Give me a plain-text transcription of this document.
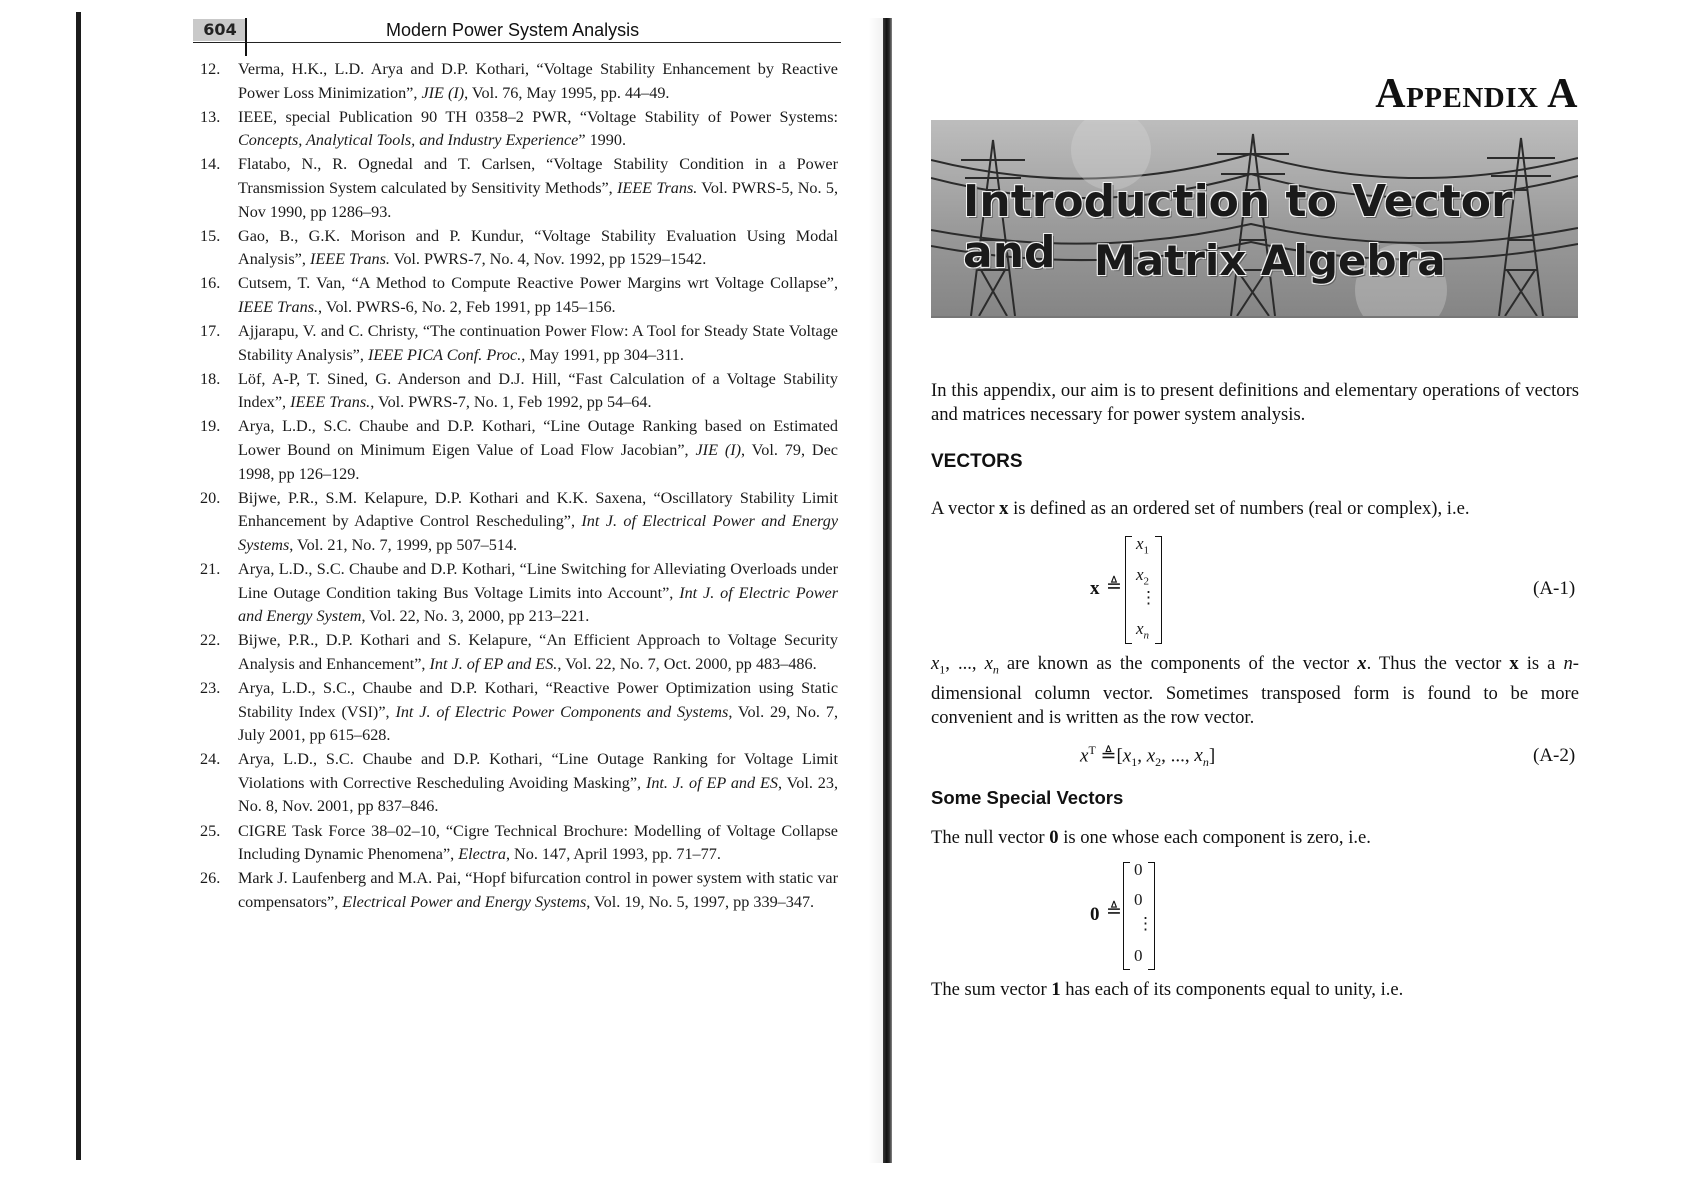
604	Modern Power System Analysis
12. Verma, H.K., L.D. Arya and D.P. Kothari, “Voltage Stability Enhancement by Reactive Power Loss Minimization”, JIE (I), Vol. 76, May 1995, pp. 44–49.
13. IEEE, special Publication 90 TH 0358–2 PWR, “Voltage Stability of Power Systems: Concepts, Analytical Tools, and Industry Experience” 1990.
14. Flatabo, N., R. Ognedal and T. Carlsen, “Voltage Stability Condition in a Power Transmission System calculated by Sensitivity Methods”, IEEE Trans. Vol. PWRS-5, No. 5, Nov 1990, pp 1286–93.
15. Gao, B., G.K. Morison and P. Kundur, “Voltage Stability Evaluation Using Modal Analysis”, IEEE Trans. Vol. PWRS-7, No. 4, Nov. 1992, pp 1529–1542.
16. Cutsem, T. Van, “A Method to Compute Reactive Power Margins wrt Voltage Collapse”, IEEE Trans., Vol. PWRS-6, No. 2, Feb 1991, pp 145–156.
17. Ajjarapu, V. and C. Christy, “The continuation Power Flow: A Tool for Steady State Voltage Stability Analysis”, IEEE PICA Conf. Proc., May 1991, pp 304–311.
18. Löf, A-P, T. Sined, G. Anderson and D.J. Hill, “Fast Calculation of a Voltage Stability Index”, IEEE Trans., Vol. PWRS-7, No. 1, Feb 1992, pp 54–64.
19. Arya, L.D., S.C. Chaube and D.P. Kothari, “Line Outage Ranking based on Estimated Lower Bound on Minimum Eigen Value of Load Flow Jacobian”, JIE (I), Vol. 79, Dec 1998, pp 126–129.
20. Bijwe, P.R., S.M. Kelapure, D.P. Kothari and K.K. Saxena, “Oscillatory Stability Limit Enhancement by Adaptive Control Rescheduling”, Int J. of Electrical Power and Energy Systems, Vol. 21, No. 7, 1999, pp 507–514.
21. Arya, L.D., S.C. Chaube and D.P. Kothari, “Line Switching for Alleviating Overloads under Line Outage Condition taking Bus Voltage Limits into Account”, Int J. of Electric Power and Energy System, Vol. 22, No. 3, 2000, pp 213–221.
22. Bijwe, P.R., D.P. Kothari and S. Kelapure, “An Efficient Approach to Voltage Security Analysis and Enhancement”, Int J. of EP and ES., Vol. 22, No. 7, Oct. 2000, pp 483–486.
23. Arya, L.D., S.C., Chaube and D.P. Kothari, “Reactive Power Optimization using Static Stability Index (VSI)”, Int J. of Electric Power Components and Systems, Vol. 29, No. 7, July 2001, pp 615–628.
24. Arya, L.D., S.C. Chaube and D.P. Kothari, “Line Outage Ranking for Voltage Limit Violations with Corrective Rescheduling Avoiding Masking”, Int. J. of EP and ES, Vol. 23, No. 8, Nov. 2001, pp 837–846.
25. CIGRE Task Force 38–02–10, “Cigre Technical Brochure: Modelling of Voltage Collapse Including Dynamic Phenomena”, Electra, No. 147, April 1993, pp. 71–77.
26. Mark J. Laufenberg and M.A. Pai, “Hopf bifurcation control in power system with static var compensators”, Electrical Power and Energy Systems, Vol. 19, No. 5, 1997, pp 339–347.
Appendix A
Introduction to Vector and Matrix Algebra
In this appendix, our aim is to present definitions and elementary operations of vectors and matrices necessary for power system analysis.
VECTORS
A vector x is defined as an ordered set of numbers (real or complex), i.e.
x ≜
$x_1$
$x_2$
⋮
$x_n$
(A-1)
$x_1$, ..., $x_n$ are known as the components of the vector x. Thus the vector x is a n-dimensional column vector. Sometimes transposed form is found to be more convenient and is written as the row vector.
$x^T$ $≜[x_1$, $x_2$, ..., $x_n$]	(A-2)
Some Special Vectors
The null vector 0 is one whose each component is zero, i.e.
0 ≜
0
0
⋮
0
The sum vector 1 has each of its components equal to unity, i.e.
